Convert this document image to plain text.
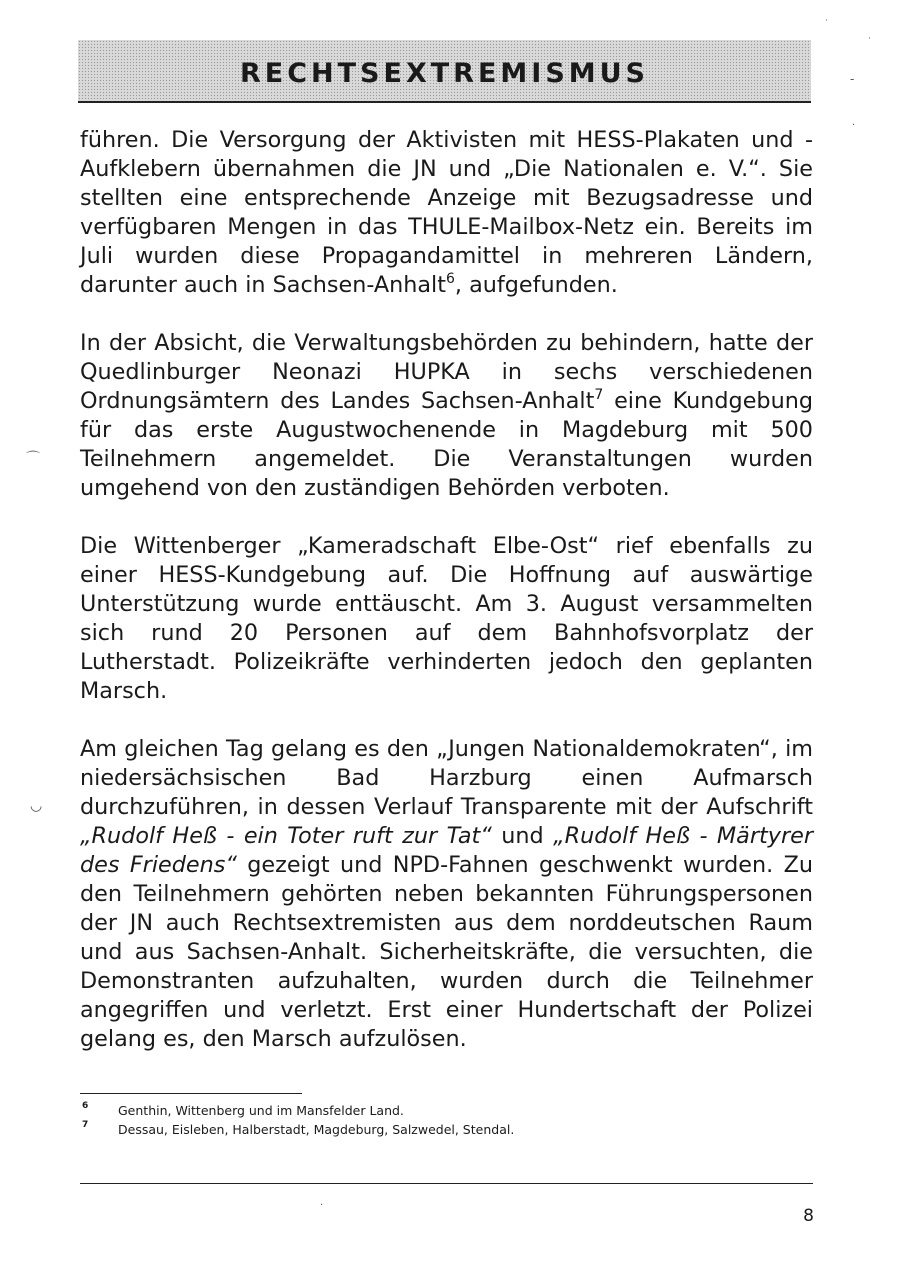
RECHTSEXTREMISMUS

führen. Die Versorgung der Aktivisten mit HESS-Plakaten und - Aufklebern übernahmen die JN und „Die Nationalen e. V.“. Sie stellten eine entsprechende Anzeige mit Bezugsadresse und verfügbaren Mengen in das THULE-Mailbox-Netz ein. Bereits im Juli wurden diese Propagandamittel in mehreren Ländern, darunter auch in Sachsen-Anhalt$^6$, aufgefunden.

In der Absicht, die Verwaltungsbehörden zu behindern, hatte der Quedlinburger Neonazi HUPKA in sechs verschiedenen Ordnungsämtern des Landes Sachsen-Anhalt$^7$ eine Kundgebung für das erste Augustwochenende in Magdeburg mit 500 Teilnehmern angemeldet. Die Veranstaltungen wurden umgehend von den zuständigen Behörden verboten.

Die Wittenberger „Kameradschaft Elbe-Ost“ rief ebenfalls zu einer HESS-Kundgebung auf. Die Hoffnung auf auswärtige Unterstützung wurde enttäuscht. Am 3. August versammelten sich rund 20 Personen auf dem Bahnhofsvorplatz der Lutherstadt. Polizeikräfte verhinderten jedoch den geplanten Marsch.

Am gleichen Tag gelang es den „Jungen Nationaldemokraten“, im niedersächsischen Bad Harzburg einen Aufmarsch durchzuführen, in dessen Verlauf Transparente mit der Aufschrift „Rudolf Heß - ein Toter ruft zur Tat“ und „Rudolf Heß - Märtyrer des Friedens“ gezeigt und NPD-Fahnen geschwenkt wurden. Zu den Teilnehmern gehörten neben bekannten Führungspersonen der JN auch Rechtsextremisten aus dem norddeutschen Raum und aus Sachsen-Anhalt. Sicherheitskräfte, die versuchten, die Demonstranten aufzuhalten, wurden durch die Teilnehmer angegriffen und verletzt. Erst einer Hundertschaft der Polizei gelang es, den Marsch aufzulösen.

6 Genthin, Wittenberg und im Mansfelder Land.
7 Dessau, Eisleben, Halberstadt, Magdeburg, Salzwedel, Stendal.
8
·
·
-
·
⌒
◡
·
